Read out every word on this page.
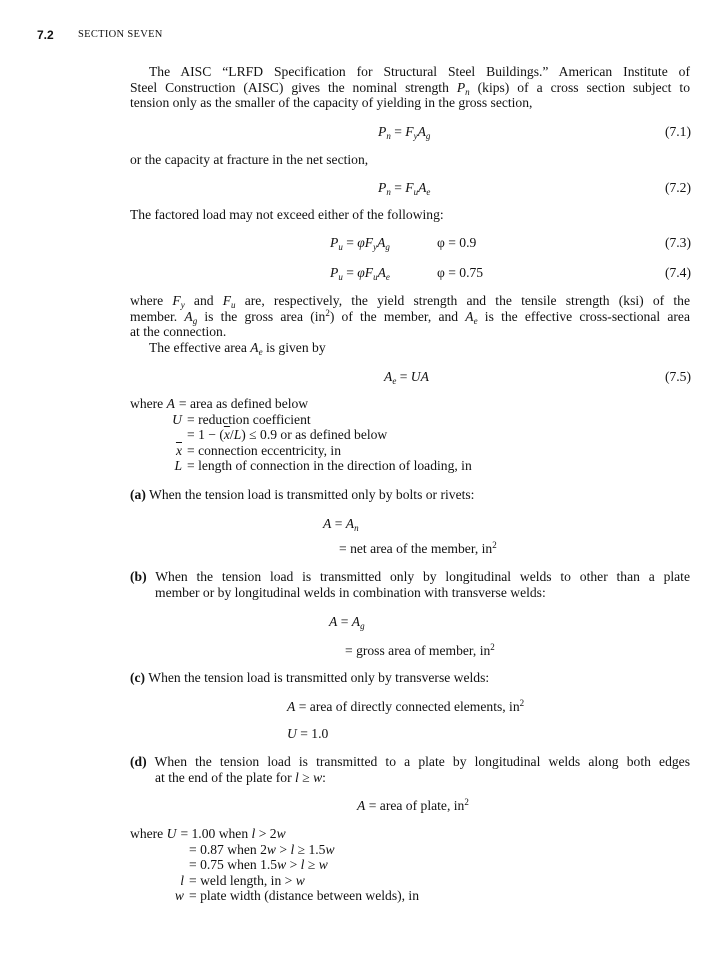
7.2 SECTION SEVEN
The AISC “LRFD Specification for Structural Steel Buildings.” American Institute of
Steel Construction (AISC) gives the nominal strength $P_n$ (kips) of a cross section subject to
tension only as the smaller of the capacity of yielding in the gross section,
$P_n = F_yA_g$	(7.1)
or the capacity at fracture in the net section,
$P_n = F_uA_e$	(7.2)
The factored load may not exceed either of the following:
$P_u = \varphi F_yA_g$	φ = 0.9	(7.3)
$P_u = \varphi F_uA_e$	φ = 0.75	(7.4)
where $F_y$ and $F_u$ are, respectively, the yield strength and the tensile strength (ksi) of the
member. $A_g$ is the gross area $(in^2)$ of the member, and $A_e$ is the effective cross-sectional area
at the connection.
The effective area $A_e$ is given by
$A_e$ = UA	(7.5)
where A = area as defined below
U = reduction coefficient
= $1 - (\overline{x}/L) \le 0.9$ or as defined below
$\overline{x}$ = connection eccentricity, in
L = length of connection in the direction of loading, in
(a) When the tension load is transmitted only by bolts or rivets:
$A = A_n$
= net area of the member, $in^2$
(b) When the tension load is transmitted only by longitudinal welds to other than a plate
member or by longitudinal welds in combination with transverse welds:
$A = A_g$
= gross area of member, $in^2$
(c) When the tension load is transmitted only by transverse welds:
A = area of directly connected elements, $in^2$
U = 1.0
(d) When the tension load is transmitted to a plate by longitudinal welds along both edges
at the end of the plate for l ≥ w:
A = area of plate, $in^2$
where U = 1.00 when l > 2w
= 0.87 when 2w > l ≥ 1.5w
= 0.75 when 1.5w > l ≥ w
l = weld length, in > w
w = plate width (distance between welds), in
